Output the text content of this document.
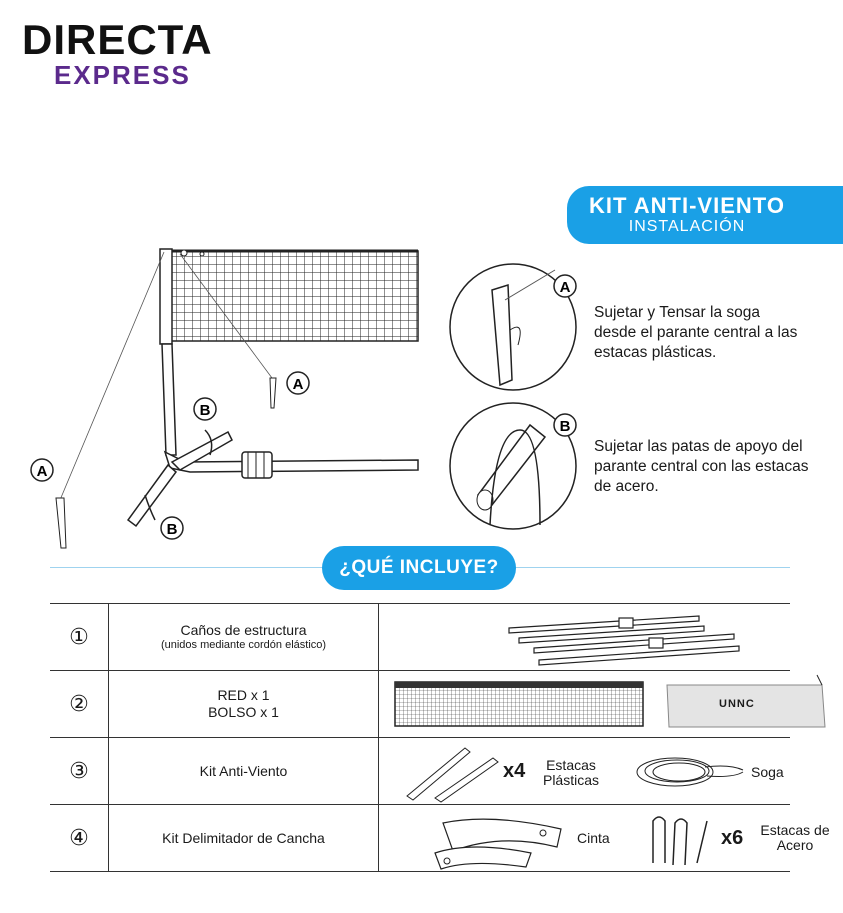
DIRECTA
EXPRESS
KIT ANTI-VIENTO
INSTALACIÓN
A
A
B
B
A
B
Sujetar y Tensar la soga desde el parante central a las estacas plásticas.
Sujetar las patas de apoyo del parante central con las estacas de acero.
¿QUÉ INCLUYE?
①	Caños de estructura
(unidos mediante cordón elástico)

②	RED x 1
BOLSO x 1	UNNC

③	Kit Anti-Viento	x4 Estacas Plásticas Soga

④	Kit Delimitador de Cancha	Cinta x6 Estacas de Acero
